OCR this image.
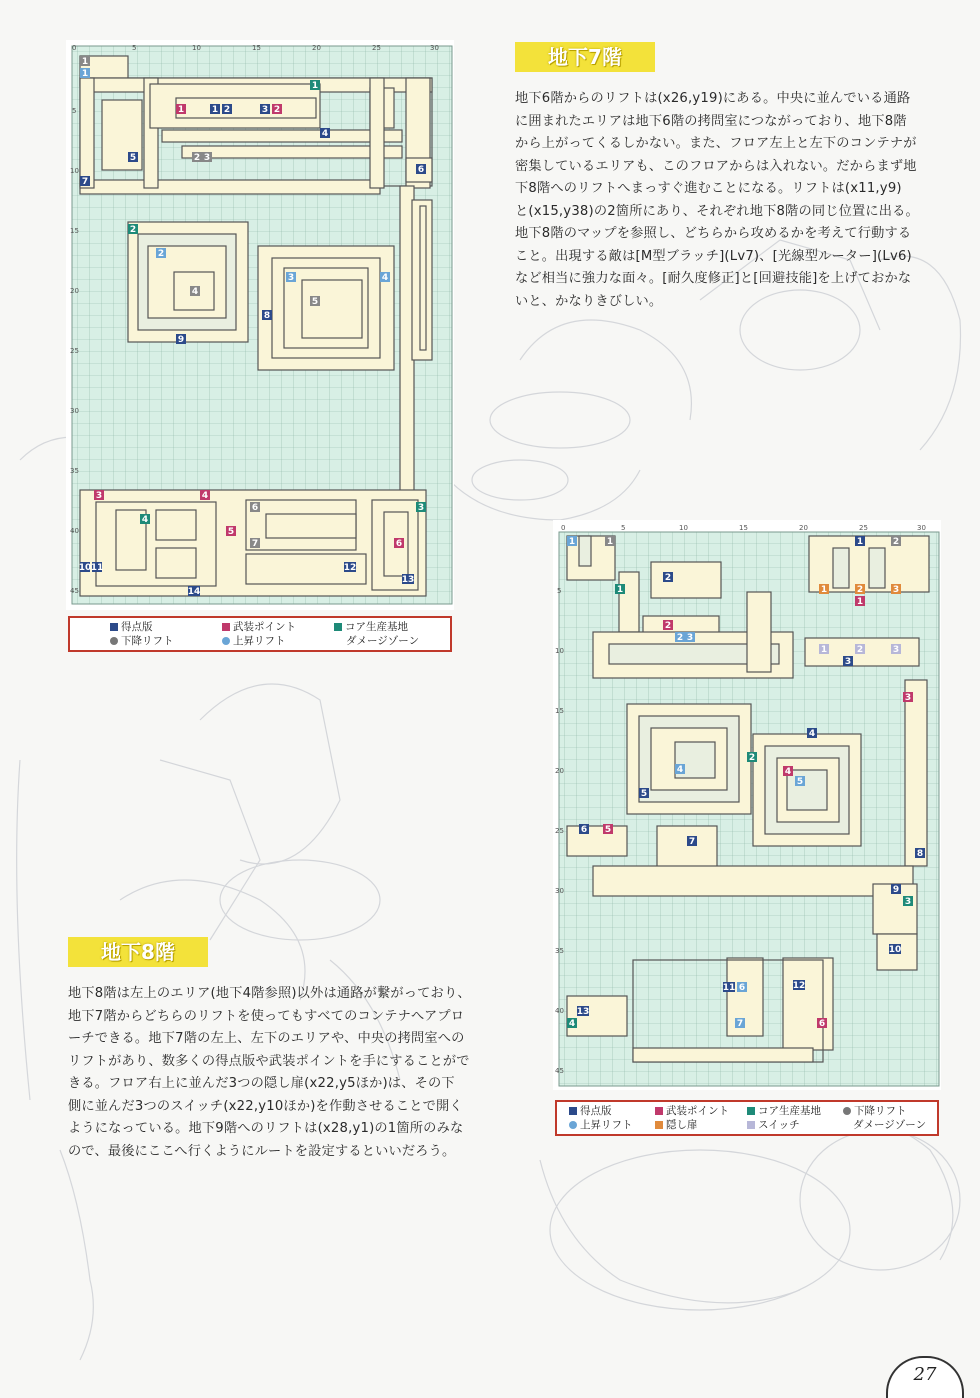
0	5	10	15	20	25	30
5
10
15
20
25
30
35
40
45
1
1
1	1 2	3 2
1
4
5	2 3
6
7
2
2
4
9
3
5
8
4
3	4
4
5
6
7
3
6
10 11	12
13
14
得点版	武装ポイント	コア生産基地
下降リフト	上昇リフト	ダメージゾーン
地下7階
地下6階からのリフトは(x26,y19)にある。中央に並んでいる通路
に囲まれたエリアは地下6階の拷問室につながっており、地下8階
から上がってくるしかない。また、フロア左上と左下のコンテナが
密集しているエリアも、このフロアからは入れない。だからまず地
下8階へのリフトへまっすぐ進むことになる。リフトは(x11,y9)
と(x15,y38)の2箇所にあり、それぞれ地下8階の同じ位置に出る。
地下8階のマップを参照し、どちらから攻めるかを考えて行動する
こと。出現する敵は[M型ブラッチ](Lv7)、[光線型ルーター](Lv6)
など相当に強力な面々。[耐久度修正]と[回避技能]を上げておかな
いと、かなりきびしい。
0	5	10	15	20	25	30
5
10
15
20
25
30
35
40
45
1	1	1	2
2
1	1	2	3
1
2
2 3
1	2	3
3
3
4
2
4	4
5
5
6 5
7
8
9
3
10
11 6	12
7	6
13
4
得点版	武装ポイント	コア生産基地	下降リフト
上昇リフト	隠し扉	スイッチ	ダメージゾーン
地下8階
地下8階は左上のエリア(地下4階参照)以外は通路が繋がっており、
地下7階からどちらのリフトを使ってもすべてのコンテナへアプロ
ーチできる。地下7階の左上、左下のエリアや、中央の拷問室への
リフトがあり、数多くの得点版や武装ポイントを手にすることがで
きる。フロア右上に並んだ3つの隠し扉(x22,y5ほか)は、その下
側に並んだ3つのスイッチ(x22,y10ほか)を作動させることで開く
ようになっている。地下9階へのリフトは(x28,y1)の1箇所のみな
ので、最後にここへ行くようにルートを設定するといいだろう。
27
